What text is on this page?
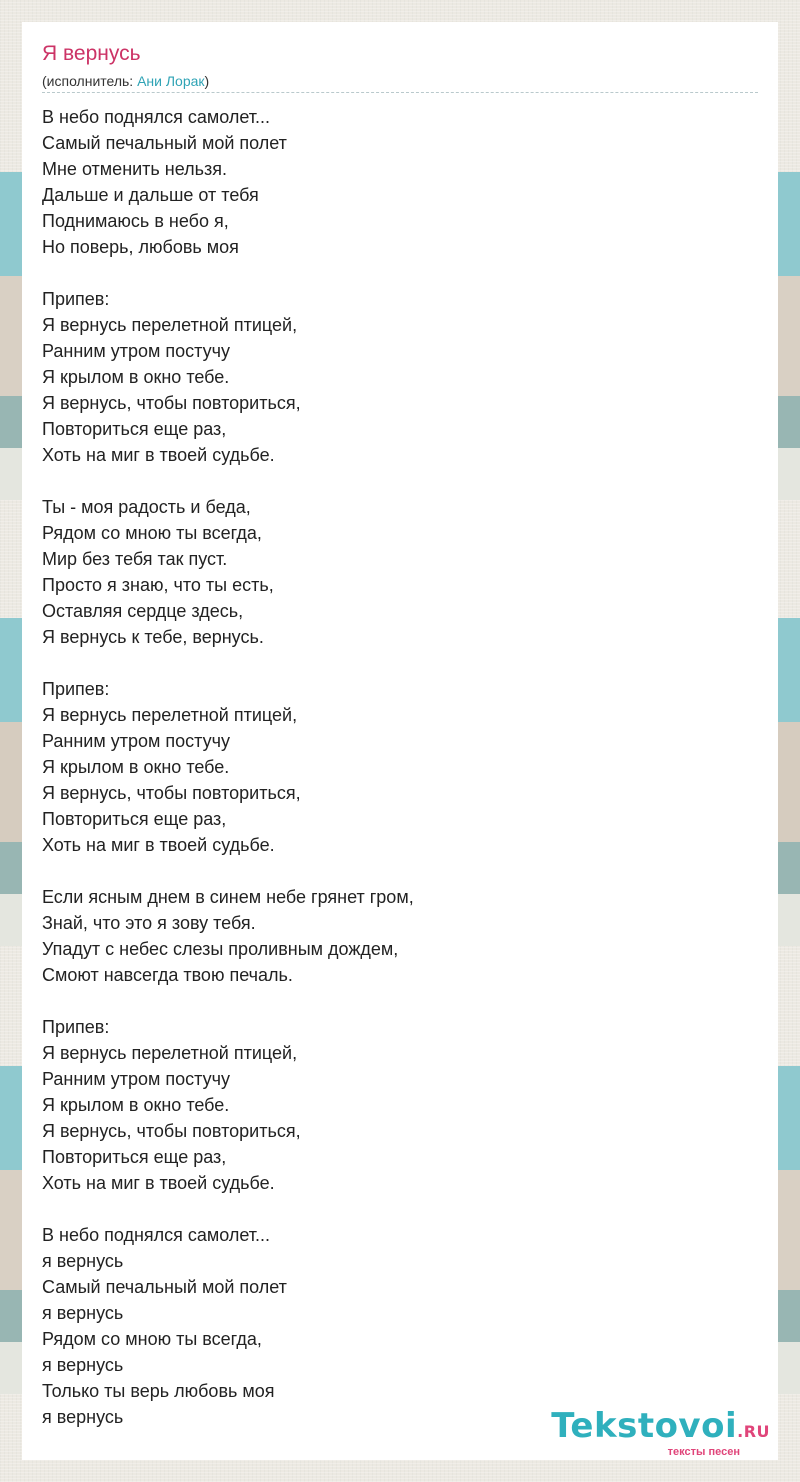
Я вернусь
(исполнитель: Ани Лорак)
В небо поднялся самолет...
Самый печальный мой полет
Мне отменить нельзя.
Дальше и дальше от тебя
Поднимаюсь в небо я,
Но поверь, любовь моя
Припев:
Я вернусь перелетной птицей,
Ранним утром постучу
Я крылом в окно тебе.
Я вернусь, чтобы повториться,
Повториться еще раз,
Хоть на миг в твоей судьбе.
Ты - моя радость и беда,
Рядом со мною ты всегда,
Мир без тебя так пуст.
Просто я знаю, что ты есть,
Оставляя сердце здесь,
Я вернусь к тебе, вернусь.
Припев:
Я вернусь перелетной птицей,
Ранним утром постучу
Я крылом в окно тебе.
Я вернусь, чтобы повториться,
Повториться еще раз,
Хоть на миг в твоей судьбе.
Если ясным днем в синем небе грянет гром,
Знай, что это я зову тебя.
Упадут с небес слезы проливным дождем,
Смоют навсегда твою печаль.
Припев:
Я вернусь перелетной птицей,
Ранним утром постучу
Я крылом в окно тебе.
Я вернусь, чтобы повториться,
Повториться еще раз,
Хоть на миг в твоей судьбе.
В небо поднялся самолет...
я вернусь
Самый печальный мой полет
я вернусь
Рядом со мною ты всегда,
я вернусь
Только ты верь любовь моя
я вернусь	Tekstovoi.RU
тексты песен
